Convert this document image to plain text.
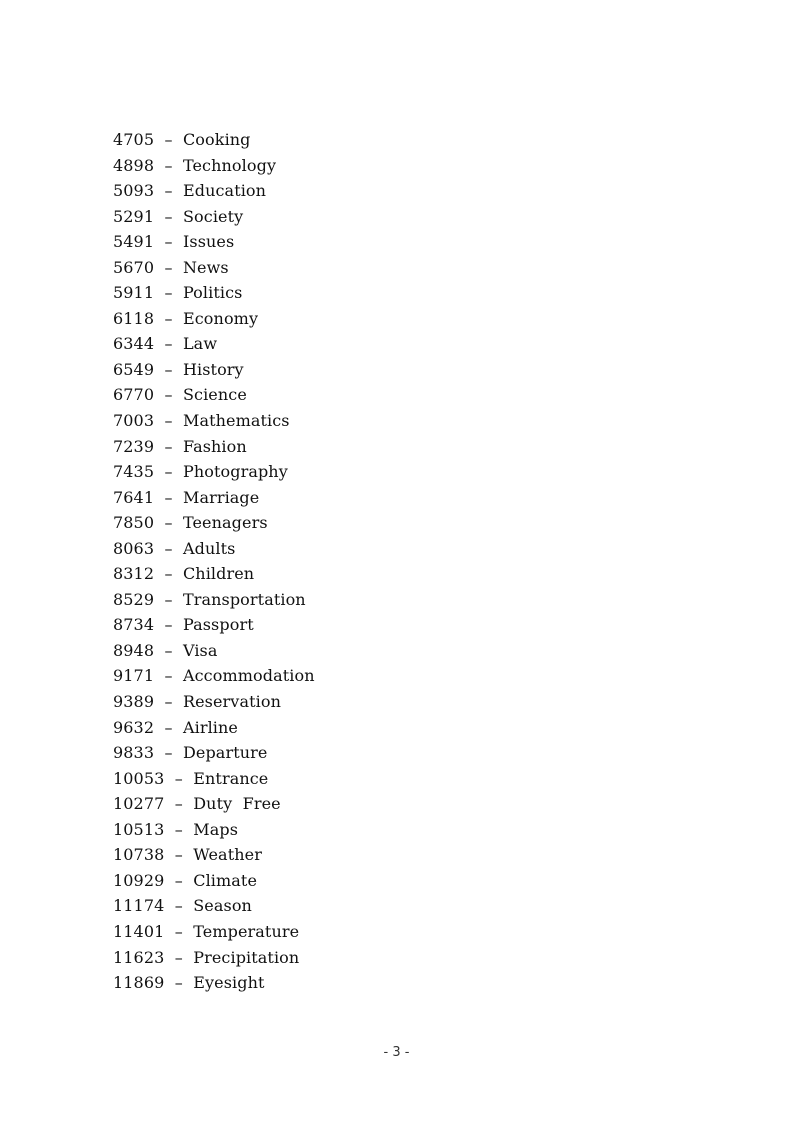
4705  –  Cooking
4898  –  Technology
5093  –  Education
5291  –  Society
5491  –  Issues
5670  –  News
5911  –  Politics
6118  –  Economy
6344  –  Law
6549  –  History
6770  –  Science
7003  –  Mathematics
7239  –  Fashion
7435  –  Photography
7641  –  Marriage
7850  –  Teenagers
8063  –  Adults
8312  –  Children
8529  –  Transportation
8734  –  Passport
8948  –  Visa
9171  –  Accommodation
9389  –  Reservation
9632  –  Airline
9833  –  Departure
10053  –  Entrance
10277  –  Duty  Free
10513  –  Maps
10738  –  Weather
10929  –  Climate
11174  –  Season
11401  –  Temperature
11623  –  Precipitation
11869  –  Eyesight
- 3 -
